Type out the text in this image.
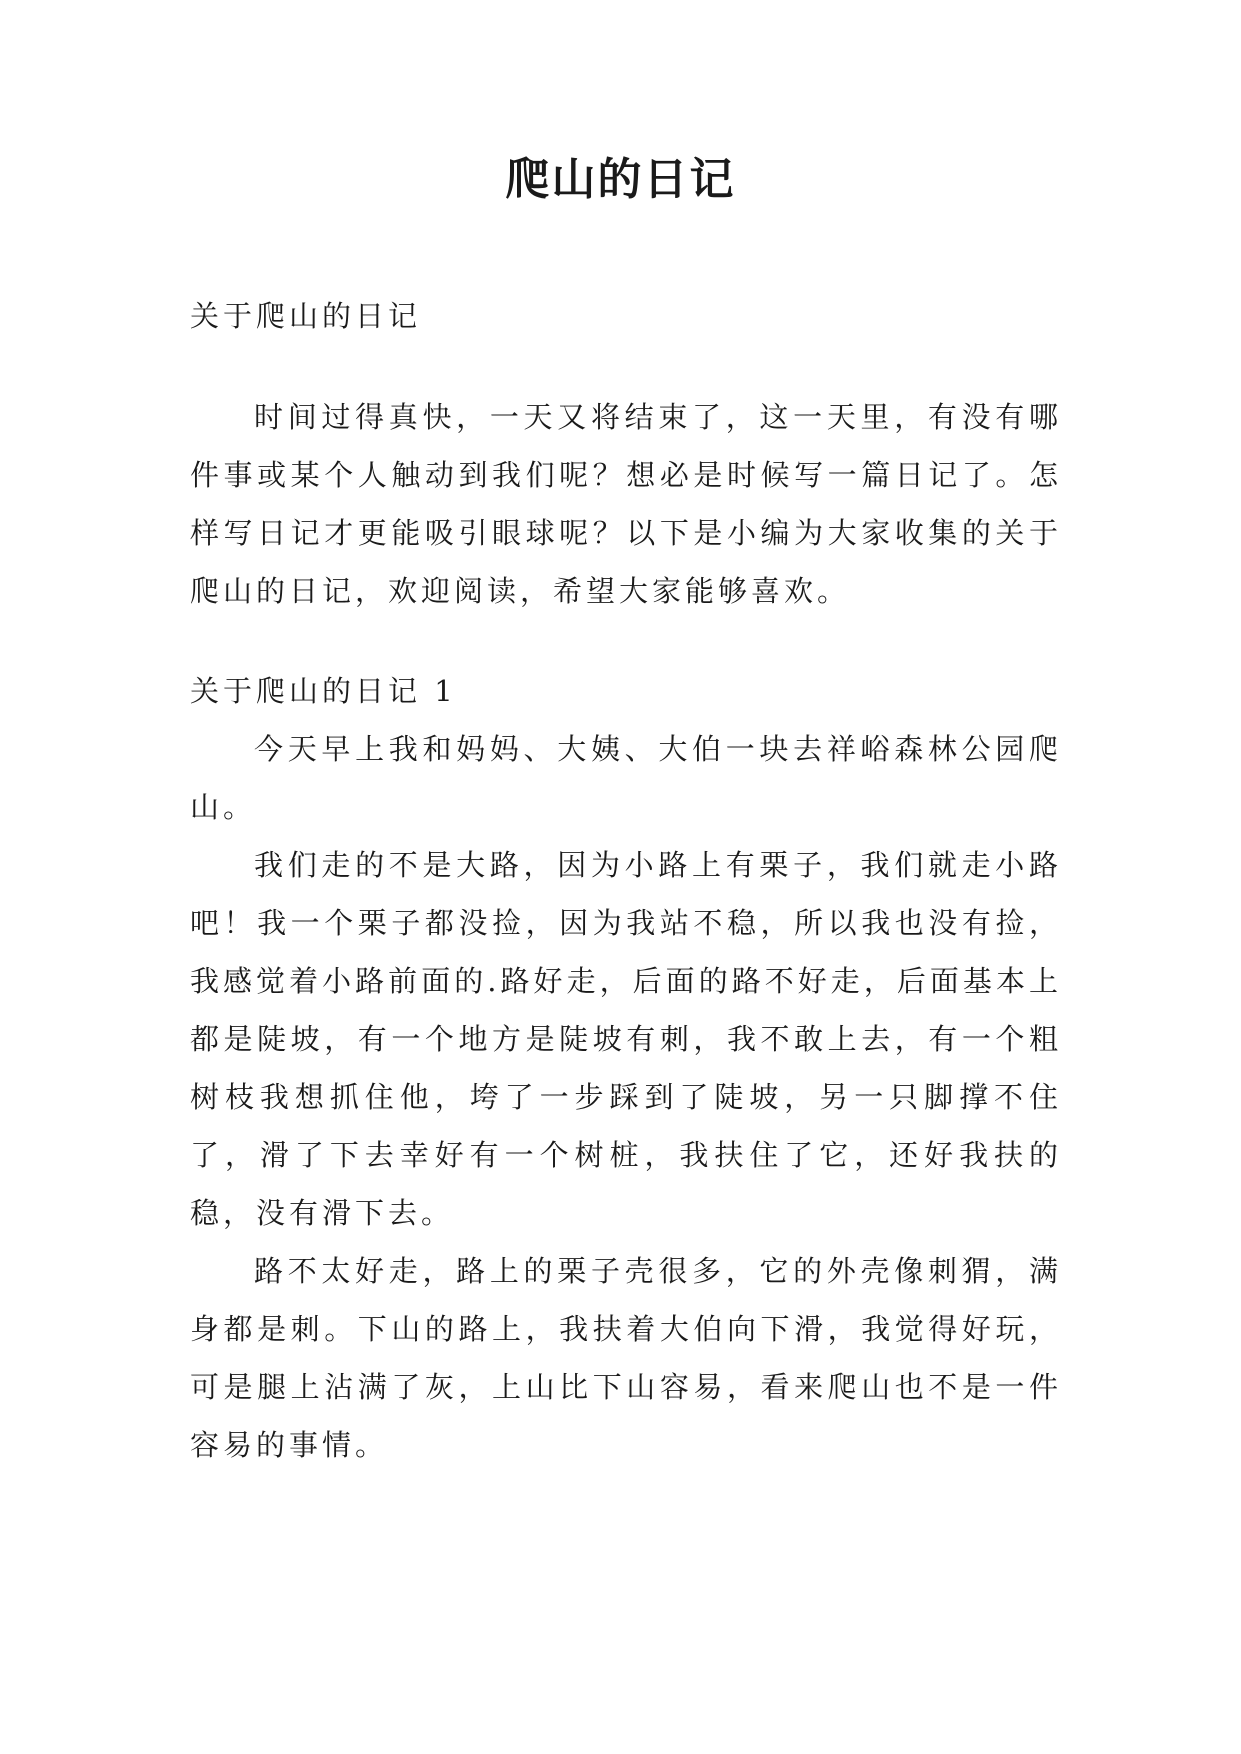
爬山的日记

关于爬山的日记

时间过得真快，一天又将结束了，这一天里，有没有哪件事或某个人触动到我们呢？想必是时候写一篇日记了。怎样写日记才更能吸引眼球呢？以下是小编为大家收集的关于爬山的日记，欢迎阅读，希望大家能够喜欢。

关于爬山的日记 1

今天早上我和妈妈、大姨、大伯一块去祥峪森林公园爬山。

我们走的不是大路，因为小路上有栗子，我们就走小路吧！我一个栗子都没捡，因为我站不稳，所以我也没有捡，我感觉着小路前面的.路好走，后面的路不好走，后面基本上都是陡坡，有一个地方是陡坡有刺，我不敢上去，有一个粗树枝我想抓住他，垮了一步踩到了陡坡，另一只脚撑不住了，滑了下去幸好有一个树桩，我扶住了它，还好我扶的稳，没有滑下去。

路不太好走，路上的栗子壳很多，它的外壳像刺猬，满身都是刺。下山的路上，我扶着大伯向下滑，我觉得好玩，可是腿上沾满了灰，上山比下山容易，看来爬山也不是一件容易的事情。
